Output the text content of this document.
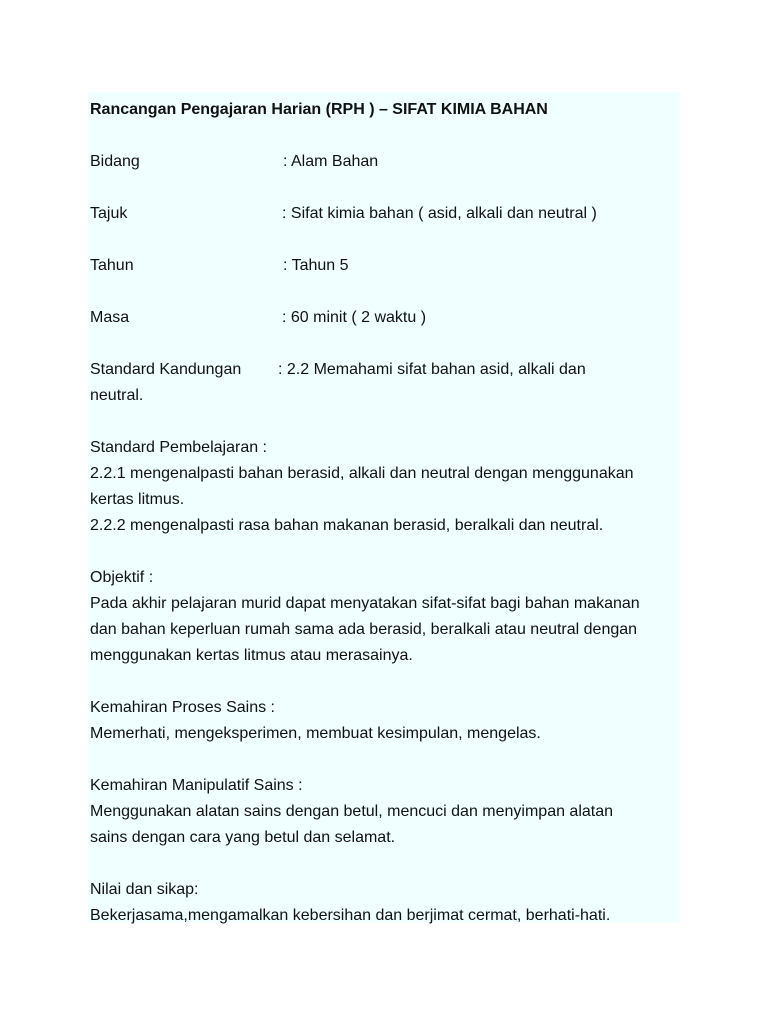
Rancangan Pengajaran Harian (RPH ) – SIFAT KIMIA BAHAN
Bidang	: Alam Bahan
Tajuk	: Sifat kimia bahan ( asid, alkali dan neutral )
Tahun	: Tahun 5
Masa	: 60 minit ( 2 waktu )
Standard Kandungan : 2.2 Memahami sifat bahan asid, alkali dan
neutral.
Standard Pembelajaran :
2.2.1 mengenalpasti bahan berasid, alkali dan neutral dengan menggunakan
kertas litmus.
2.2.2 mengenalpasti rasa bahan makanan berasid, beralkali dan neutral.
Objektif :
Pada akhir pelajaran murid dapat menyatakan sifat-sifat bagi bahan makanan
dan bahan keperluan rumah sama ada berasid, beralkali atau neutral dengan
menggunakan kertas litmus atau merasainya.
Kemahiran Proses Sains :
Memerhati, mengeksperimen, membuat kesimpulan, mengelas.
Kemahiran Manipulatif Sains :
Menggunakan alatan sains dengan betul, mencuci dan menyimpan alatan
sains dengan cara yang betul dan selamat.
Nilai dan sikap:
Bekerjasama,mengamalkan kebersihan dan berjimat cermat, berhati-hati.
